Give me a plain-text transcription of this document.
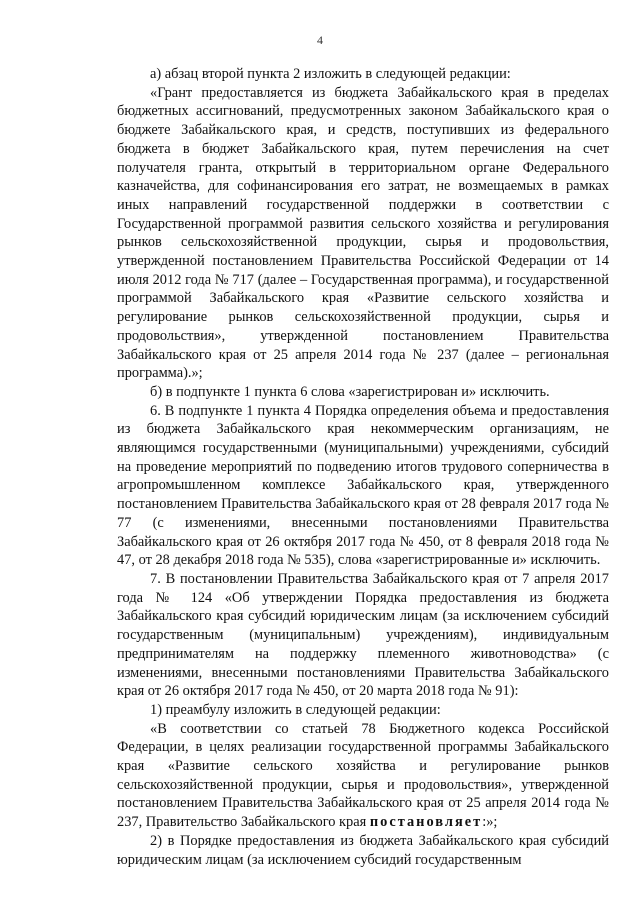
4

а) абзац второй пункта 2 изложить в следующей редакции:

«Грант предоставляется из бюджета Забайкальского края в пределах бюджетных ассигнований, предусмотренных законом Забайкальского края о бюджете Забайкальского края, и средств, поступивших из федерального бюджета в бюджет Забайкальского края, путем перечисления на счет получателя гранта, открытый в территориальном органе Федерального казначейства, для софинансирования его затрат, не возмещаемых в рамках иных направлений государственной поддержки в соответствии с Государственной программой развития сельского хозяйства и регулирования рынков сельскохозяйственной продукции, сырья и продовольствия, утвержденной постановлением Правительства Российской Федерации от 14 июля 2012 года № 717 (далее – Государственная программа), и государственной программой Забайкальского края «Развитие сельского хозяйства и регулирование рынков сельскохозяйственной продукции, сырья и продовольствия», утвержденной постановлением Правительства Забайкальского края от 25 апреля 2014 года № 237 (далее – региональная программа).»;

б) в подпункте 1 пункта 6 слова «зарегистрирован и» исключить.

6. В подпункте 1 пункта 4 Порядка определения объема и предоставления из бюджета Забайкальского края некоммерческим организациям, не являющимся государственными (муниципальными) учреждениями, субсидий на проведение мероприятий по подведению итогов трудового соперничества в агропромышленном комплексе Забайкальского края, утвержденного постановлением Правительства Забайкальского края от 28 февраля 2017 года № 77 (с изменениями, внесенными постановлениями Правительства Забайкальского края от 26 октября 2017 года № 450, от 8 февраля 2018 года № 47, от 28 декабря 2018 года № 535), слова «зарегистрированные и» исключить.

7. В постановлении Правительства Забайкальского края от 7 апреля 2017 года № 124 «Об утверждении Порядка предоставления из бюджета Забайкальского края субсидий юридическим лицам (за исключением субсидий государственным (муниципальным) учреждениям), индивидуальным предпринимателям на поддержку племенного животноводства» (с изменениями, внесенными постановлениями Правительства Забайкальского края от 26 октября 2017 года № 450, от 20 марта 2018 года № 91):

1) преамбулу изложить в следующей редакции:

«В соответствии со статьей 78 Бюджетного кодекса Российской Федерации, в целях реализации государственной программы Забайкальского края «Развитие сельского хозяйства и регулирование рынков сельскохозяйственной продукции, сырья и продовольствия», утвержденной постановлением Правительства Забайкальского края от 25 апреля 2014 года № 237, Правительство Забайкальского края постановляет:»;

2) в Порядке предоставления из бюджета Забайкальского края субсидий юридическим лицам (за исключением субсидий государственным
